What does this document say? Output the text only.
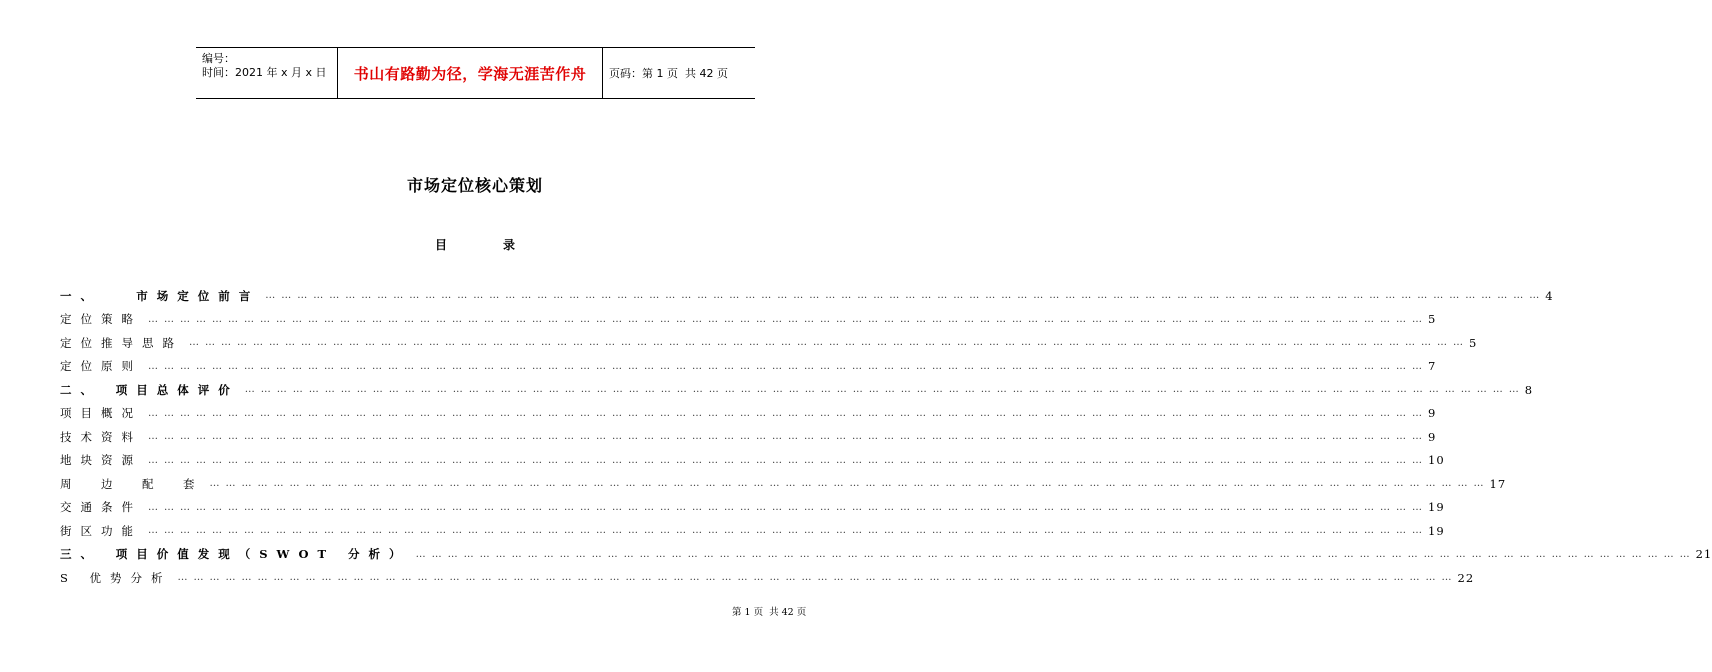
编号：
时间：2021 年 x 月 x 日	书山有路勤为径，学海无涯苦作舟	页码：第 1 页  共 42 页
市场定位核心策划
目	录
一、　　市场定位前言 …………………………………………………………………………………………………………………………………………………………………………………………………………………… 4
定位策略 …………………………………………………………………………………………………………………………………………………………………………………………………………………… 5
定位推导思路 …………………………………………………………………………………………………………………………………………………………………………………………………………………… 5
定位原则 …………………………………………………………………………………………………………………………………………………………………………………………………………………… 7
二、　项目总体评价 …………………………………………………………………………………………………………………………………………………………………………………………………………………… 8
项目概况 …………………………………………………………………………………………………………………………………………………………………………………………………………………… 9
技术资料 …………………………………………………………………………………………………………………………………………………………………………………………………………………… 9
地块资源 …………………………………………………………………………………………………………………………………………………………………………………………………………………… 10
周　边　配　套 …………………………………………………………………………………………………………………………………………………………………………………………………………………… 17
交通条件 …………………………………………………………………………………………………………………………………………………………………………………………………………………… 19
街区功能 …………………………………………………………………………………………………………………………………………………………………………………………………………………… 19
三、　项目价值发现（SWOT 分析） …………………………………………………………………………………………………………………………………………………………………………………………………………………… 21
S 优势分析 …………………………………………………………………………………………………………………………………………………………………………………………………………………… 22
第 1 页  共 42 页
